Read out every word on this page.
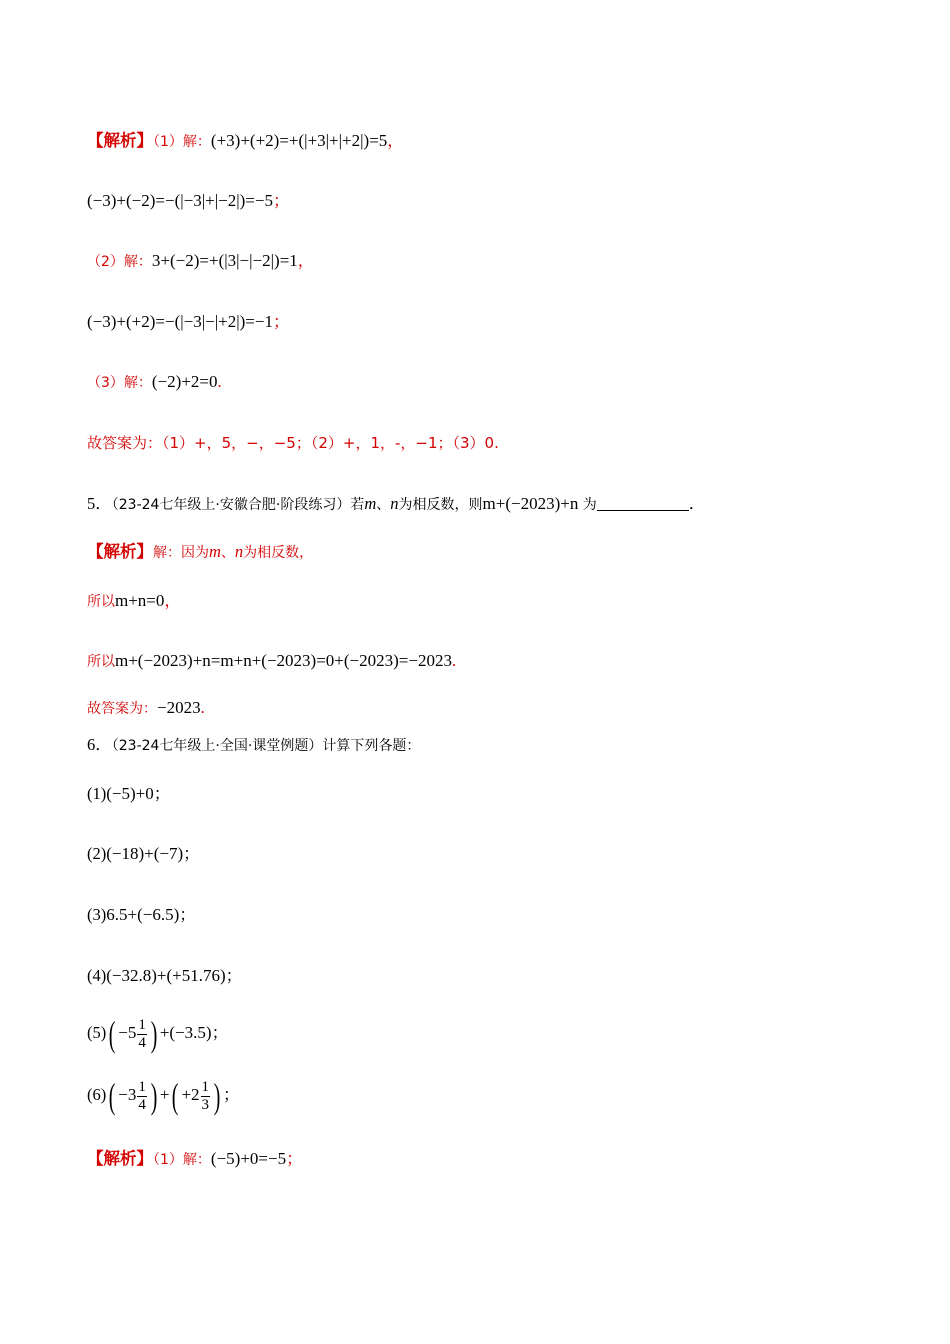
【解析】（1）解：(+3)+(+2)=+(|+3|+|+2|)=5，
(−3)+(−2)=−(|−3|+|−2|)=−5；
（2）解：3+(−2)=+(|3|−|−2|)=1，
(−3)+(+2)=−(|−3|−|+2|)=−1；
（3）解：(−2)+2=0.
故答案为：（1）+，5，−，−5；（2）+，1，-，−1；（3）0.
5．（23-24七年级上·安徽合肥·阶段练习）若m、n为相反数，则m+(−2023)+n 为	．
【解析】解：因为m、n为相反数，
所以m+n=0，
所以m+(−2023)+n=m+n+(−2023)=0+(−2023)=−2023.
故答案为：−2023.
6．（23-24七年级上·全国·课堂例题）计算下列各题：
(1)(−5)+0；
(2)(−18)+(−7)；
(3)6.5+(−6.5)；
(4)(−32.8)+(+51.76)；
$(5)( -5 \frac{1}{4}$ ) +(−3.5)；
$(6)( -3 \frac{1}{4}$ ) +( $+2 \frac{1}{3}$ ) ；
【解析】（1）解：(−5)+0=−5；
